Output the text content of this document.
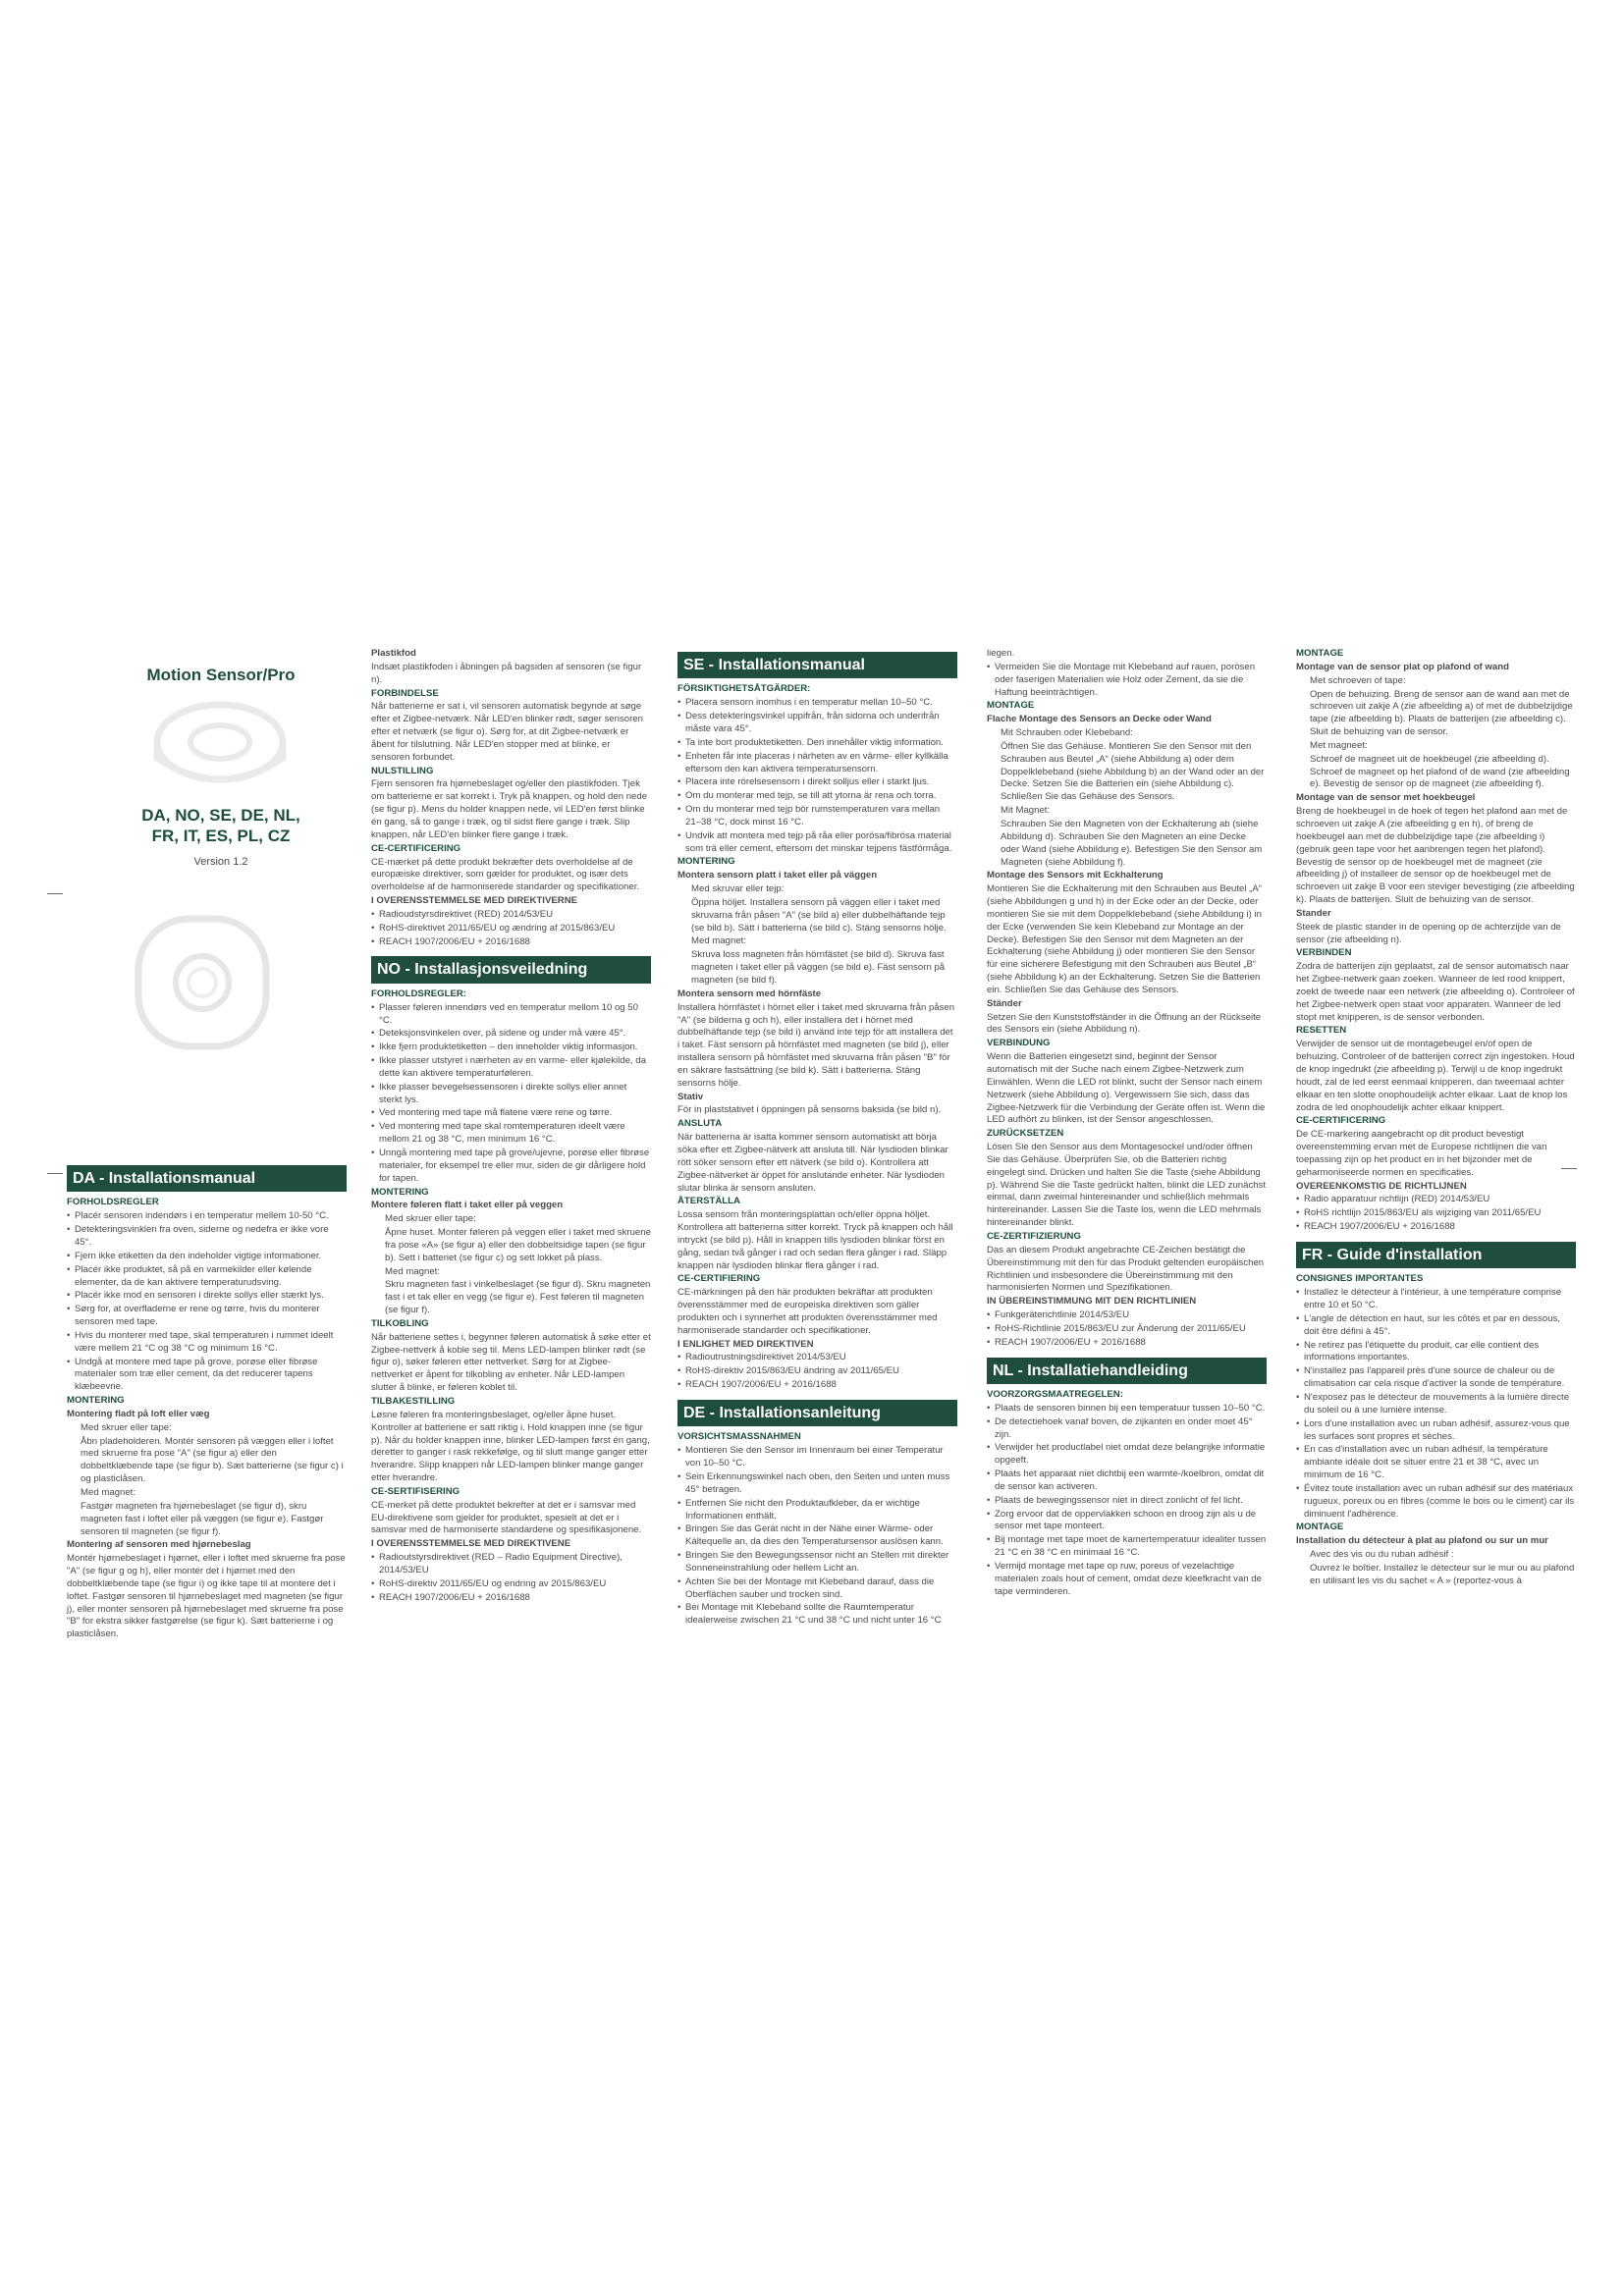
Motion Sensor/Pro
DA, NO, SE, DE, NL,
FR, IT, ES, PL, CZ
Version 1.2
DA - Installationsmanual

FORHOLDSREGLER

• Placér sensoren indendørs i en temperatur mellem 10-50 °C.

• Detekteringsvinklen fra oven, siderne og nedefra er ikke vore 45°.

• Fjern ikke etiketten da den indeholder vigtige informationer.

• Placér ikke produktet, så på en varmekilder eller kølende elementer, da de kan aktivere temperaturudsving.

• Placér ikke mod en sensoren i direkte sollys eller stærkt lys.

• Sørg for, at overfladerne er rene og tørre, hvis du monterer sensoren med tape.

• Hvis du monterer med tape, skal temperaturen i rummet ideelt være mellem 21 °C og 38 °C og minimum 16 °C.

• Undgå at montere med tape på grove, porøse eller fibrøse materialer som træ eller cement, da det reducerer tapens klæbeevne.

MONTERING

Montering fladt på loft eller væg

Med skruer eller tape:

Åbn pladeholderen. Montér sensoren på væggen eller i loftet med skruerne fra pose "A" (se figur a) eller den dobbeltklæbende tape (se figur b). Sæt batterierne (se figur c) i og plasticlåsen.

Med magnet:

Fastgør magneten fra hjørnebeslaget (se figur d), skru magneten fast i loftet eller på væggen (se figur e). Fastgør sensoren til magneten (se figur f).

Montering af sensoren med hjørnebeslag

Montér hjørnebeslaget i hjørnet, eller i loftet med skruerne fra pose "A" (se figur g og h), eller montér det i hjørnet med den dobbeltklæbende tape (se figur i) og ikke tape til at montere det i loftet. Fastgør sensoren til hjørnebeslaget med magneten (se figur j), eller monter sensoren på hjørnebeslaget med skruerne fra pose "B" for ekstra sikker fastgørelse (se figur k). Sæt batterierne i og plasticlåsen.

Plastikfod

Indsæt plastikfoden i åbningen på bagsiden af sensoren (se figur n).

FORBINDELSE

Når batterierne er sat i, vil sensoren automatisk begynde at søge efter et Zigbee-netværk. Når LED'en blinker rødt, søger sensoren efter et netværk (se figur o). Sørg for, at dit Zigbee-netværk er åbent for tilslutning. Når LED'en stopper med at blinke, er sensoren forbundet.

NULSTILLING

Fjern sensoren fra hjørnebeslaget og/eller den plastikfoden. Tjek om batterierne er sat korrekt i. Tryk på knappen, og hold den nede (se figur p). Mens du holder knappen nede, vil LED'en først blinke én gang, så to gange i træk, og til sidst flere gange i træk. Slip knappen, når LED'en blinker flere gange i træk.

CE-CERTIFICERING

CE-mærket på dette produkt bekræfter dets overholdelse af de europæiske direktiver, som gælder for produktet, og især dets overholdelse af de harmoniserede standarder og specifikationer.

I OVERENSSTEMMELSE MED DIREKTIVERNE

• Radioudstyrsdirektivet (RED) 2014/53/EU

• RoHS-direktivet 2011/65/EU og ændring af 2015/863/EU

• REACH 1907/2006/EU + 2016/1688

NO - Installasjonsveiledning

FORHOLDSREGLER:

• Plasser føleren innendørs ved en temperatur mellom 10 og 50 °C.

• Deteksjonsvinkelen over, på sidene og under må være 45°.

• Ikke fjern produktetiketten – den inneholder viktig informasjon.

• Ikke plasser utstyret i nærheten av en varme- eller kjølekilde, da dette kan aktivere temperaturføleren.

• Ikke plasser bevegelsessensoren i direkte sollys eller annet sterkt lys.

• Ved montering med tape må flatene være rene og tørre.

• Ved montering med tape skal romtemperaturen ideelt være mellom 21 og 38 °C, men minimum 16 °C.

• Unngå montering med tape på grove/ujevne, porøse eller fibrøse materialer, for eksempel tre eller mur, siden de gir dårligere hold for tapen.

MONTERING

Montere føleren flatt i taket eller på veggen

Med skruer eller tape:

Åpne huset. Monter føleren på veggen eller i taket med skruene fra pose «A» (se figur a) eller den dobbeltsidige tapen (se figur b). Sett i batteriet (se figur c) og sett lokket på plass.

Med magnet:

Skru magneten fast i vinkelbeslaget (se figur d). Skru magneten fast i et tak eller en vegg (se figur e). Fest føleren til magneten (se figur f).

TILKOBLING

Når batteriene settes i, begynner føleren automatisk å søke etter et Zigbee-nettverk å koble seg til. Mens LED-lampen blinker rødt (se figur o), søker føleren etter nettverket. Sørg for at Zigbee-nettverket er åpent for tilkobling av enheter. Når LED-lampen slutter å blinke, er føleren koblet til.

TILBAKESTILLING

Løsne føleren fra monteringsbeslaget, og/eller åpne huset. Kontroller at batteriene er satt riktig i. Hold knappen inne (se figur p). Når du holder knappen inne, blinker LED-lampen først én gang, deretter to ganger i rask rekkefølge, og til slutt mange ganger etter hverandre. Slipp knappen når LED-lampen blinker mange ganger etter hverandre.

CE-SERTIFISERING

CE-merket på dette produktet bekrefter at det er i samsvar med EU-direktivene som gjelder for produktet, spesielt at det er i samsvar med de harmoniserte standardene og spesifikasjonene.

I OVERENSSTEMMELSE MED DIREKTIVENE

• Radioutstyrsdirektivet (RED – Radio Equipment Directive), 2014/53/EU

• RoHS-direktiv 2011/65/EU og endring av 2015/863/EU

• REACH 1907/2006/EU + 2016/1688

SE - Installationsmanual

FÖRSIKTIGHETSÅTGÄRDER:

• Placera sensorn inomhus i en temperatur mellan 10–50 °C.

• Dess detekteringsvinkel uppifrån, från sidorna och underifrån måste vara 45°.

• Ta inte bort produktetiketten. Den innehåller viktig information.

• Enheten får inte placeras i närheten av en värme- eller kyllkälla eftersom den kan aktivera temperatursensorn.

• Placera inte rörelsesensorn i direkt solljus eller i starkt ljus.

• Om du monterar med tejp, se till att ytorna är rena och torra.

• Om du monterar med tejp bör rumstemperaturen vara mellan 21–38 °C, dock minst 16 °C.

• Undvik att montera med tejp på råa eller porösa/fibrösa material som trä eller cement, eftersom det minskar tejpens fästförmåga.

MONTERING

Montera sensorn platt i taket eller på väggen

Med skruvar eller tejp:

Öppna höljet. Installera sensorn på väggen eller i taket med skruvarna från påsen "A" (se bild a) eller dubbelhäftande tejp (se bild b). Sätt i batterierna (se bild c). Stäng sensorns hölje.

Med magnet:

Skruva loss magneten från hörnfästet (se bild d). Skruva fast magneten i taket eller på väggen (se bild e). Fäst sensorn på magneten (se bild f).

Montera sensorn med hörnfäste

Installera hörnfästet i hörnet eller i taket med skruvarna från påsen "A" (se bilderna g och h), eller installera det i hörnet med dubbelhäftande tejp (se bild i) använd inte tejp för att installera det i taket. Fäst sensorn på hörnfästet med magneten (se bild j), eller installera sensorn på hörnfästet med skruvarna från påsen "B" för en säkrare fastsättning (se bild k). Sätt i batterierna. Stäng sensorns hölje.

Stativ

För in plaststativet i öppningen på sensorns baksida (se bild n).

ANSLUTA

När batterierna är isatta kommer sensorn automatiskt att börja söka efter ett Zigbee-nätverk att ansluta till. När lysdioden blinkar rött söker sensorn efter ett nätverk (se bild o). Kontrollera att Zigbee-nätverket är öppet för anslutande enheter. När lysdioden slutar blinka är sensorn ansluten.

ÅTERSTÄLLA

Lossa sensorn från monteringsplattan och/eller öppna höljet. Kontrollera att batterierna sitter korrekt. Tryck på knappen och håll intryckt (se bild p). Håll in knappen tills lysdioden blinkar först en gång, sedan två gånger i rad och sedan flera gånger i rad. Släpp knappen när lysdioden blinkar flera gånger i rad.

CE-CERTIFIERING

CE-märkningen på den här produkten bekräftar att produkten överensstämmer med de europeiska direktiven som gäller produkten och i synnerhet att produkten överensstämmer med harmoniserade standarder och specifikationer.

I ENLIGHET MED DIREKTIVEN

• Radioutrustningsdirektivet 2014/53/EU

• RoHS-direktiv 2015/863/EU ändring av 2011/65/EU

• REACH 1907/2006/EU + 2016/1688

DE - Installationsanleitung

VORSICHTSMASSNAHMEN

• Montieren Sie den Sensor im Innenraum bei einer Temperatur von 10–50 °C.

• Sein Erkennungswinkel nach oben, den Seiten und unten muss 45° betragen.

• Entfernen Sie nicht den Produktaufkleber, da er wichtige Informationen enthält.

• Bringen Sie das Gerät nicht in der Nähe einer Wärme- oder Kältequelle an, da dies den Temperatursensor auslösen kann.

• Bringen Sie den Bewegungssensor nicht an Stellen mit direkter Sonneneinstrahlung oder hellem Licht an.

• Achten Sie bei der Montage mit Klebeband darauf, dass die Oberflächen sauber und trocken sind.

• Bei Montage mit Klebeband sollte die Raumtemperatur idealerweise zwischen 21 °C und 38 °C und nicht unter 16 °C

liegen.

• Vermeiden Sie die Montage mit Klebeband auf rauen, porösen oder faserigen Materialien wie Holz oder Zement, da sie die Haftung beeinträchtigen.

MONTAGE

Flache Montage des Sensors an Decke oder Wand

Mit Schrauben oder Klebeband:

Öffnen Sie das Gehäuse. Montieren Sie den Sensor mit den Schrauben aus Beutel „A“ (siehe Abbildung a) oder dem Doppelklebeband (siehe Abbildung b) an der Wand oder an der Decke. Setzen Sie die Batterien ein (siehe Abbildung c). Schließen Sie das Gehäuse des Sensors.

Mit Magnet:

Schrauben Sie den Magneten von der Eckhalterung ab (siehe Abbildung d). Schrauben Sie den Magneten an eine Decke oder Wand (siehe Abbildung e). Befestigen Sie den Sensor am Magneten (siehe Abbildung f).

Montage des Sensors mit Eckhalterung

Montieren Sie die Eckhalterung mit den Schrauben aus Beutel „A“ (siehe Abbildungen g und h) in der Ecke oder an der Decke, oder montieren Sie sie mit dem Doppelklebeband (siehe Abbildung i) in der Ecke (verwenden Sie kein Klebeband zur Montage an der Decke). Befestigen Sie den Sensor mit dem Magneten an der Eckhalterung (siehe Abbildung j) oder montieren Sie den Sensor für eine sicherere Befestigung mit den Schrauben aus Beutel „B“ (siehe Abbildung k) an der Eckhalterung. Setzen Sie die Batterien ein. Schließen Sie das Gehäuse des Sensors.

Ständer

Setzen Sie den Kunststoffständer in die Öffnung an der Rückseite des Sensors ein (siehe Abbildung n).

VERBINDUNG

Wenn die Batterien eingesetzt sind, beginnt der Sensor automatisch mit der Suche nach einem Zigbee-Netzwerk zum Einwählen. Wenn die LED rot blinkt, sucht der Sensor nach einem Netzwerk (siehe Abbildung o). Vergewissern Sie sich, dass das Zigbee-Netzwerk für die Verbindung der Geräte offen ist. Wenn die LED aufhört zu blinken, ist der Sensor angeschlossen.

ZURÜCKSETZEN

Lösen Sie den Sensor aus dem Montagesockel und/oder öffnen Sie das Gehäuse. Überprüfen Sie, ob die Batterien richtig eingelegt sind. Drücken und halten Sie die Taste (siehe Abbildung p). Während Sie die Taste gedrückt halten, blinkt die LED zunächst einmal, dann zweimal hintereinander und schließlich mehrmals hintereinander. Lassen Sie die Taste los, wenn die LED mehrmals hintereinander blinkt.

CE-ZERTIFIZIERUNG

Das an diesem Produkt angebrachte CE-Zeichen bestätigt die Übereinstimmung mit den für das Produkt geltenden europäischen Richtlinien und insbesondere die Übereinstimmung mit den harmonisierten Normen und Spezifikationen.

IN ÜBEREINSTIMMUNG MIT DEN RICHTLINIEN

• Funkgeräterichtlinie 2014/53/EU

• RoHS-Richtlinie 2015/863/EU zur Änderung der 2011/65/EU

• REACH 1907/2006/EU + 2016/1688

NL - Installatiehandleiding

VOORZORGSMAATREGELEN:

• Plaats de sensoren binnen bij een temperatuur tussen 10–50 °C.

• De detectiehoek vanaf boven, de zijkanten en onder moet 45° zijn.

• Verwijder het productlabel niet omdat deze belangrijke informatie opgeeft.

• Plaats het apparaat niet dichtbij een warmte-/koelbron, omdat dit de sensor kan activeren.

• Plaats de bewegingssensor niet in direct zonlicht of fel licht.

• Zorg ervoor dat de oppervlakken schoon en droog zijn als u de sensor met tape monteert.

• Bij montage met tape moet de kamertemperatuur idealiter tussen 21 °C en 38 °C en minimaal 16 °C.

• Vermijd montage met tape op ruw, poreus of vezelachtige materialen zoals hout of cement, omdat deze kleefkracht van de tape verminderen.

MONTAGE

Montage van de sensor plat op plafond of wand

Met schroeven of tape:

Open de behuizing. Breng de sensor aan de wand aan met de schroeven uit zakje A (zie afbeelding a) of met de dubbelzijdige tape (zie afbeelding b). Plaats de batterijen (zie afbeelding c). Sluit de behuizing van de sensor.

Met magneet:

Schroef de magneet uit de hoekbeugel (zie afbeelding d). Schroef de magneet op het plafond of de wand (zie afbeelding e). Bevestig de sensor op de magneet (zie afbeelding f).

Montage van de sensor met hoekbeugel

Breng de hoekbeugel in de hoek of tegen het plafond aan met de schroeven uit zakje A (zie afbeelding g en h), of breng de hoekbeugel aan met de dubbelzijdige tape (zie afbeelding i) (gebruik geen tape voor het aanbrengen tegen het plafond). Bevestig de sensor op de hoekbeugel met de magneet (zie afbeelding j) of installeer de sensor op de hoekbeugel met de schroeven uit zakje B voor een steviger bevestiging (zie afbeelding k). Plaats de batterijen. Sluit de behuizing van de sensor.

Stander

Steek de plastic stander in de opening op de achterzijde van de sensor (zie afbeelding n).

VERBINDEN

Zodra de batterijen zijn geplaatst, zal de sensor automatisch naar het Zigbee-netwerk gaan zoeken. Wanneer de led rood knippert, zoekt de tweede naar een netwerk (zie afbeelding o). Controleer of het Zigbee-netwerk open staat voor apparaten. Wanneer de led stopt met knipperen, is de sensor verbonden.

RESETTEN

Verwijder de sensor uit de montagebeugel en/of open de behuizing. Controleer of de batterijen correct zijn ingestoken. Houd de knop ingedrukt (zie afbeelding p). Terwijl u de knop ingedrukt houdt, zal de led eerst eenmaal knipperen, dan tweemaal achter elkaar en ten slotte onophoudelijk achter elkaar. Laat de knop los zodra de led onophoudelijk achter elkaar knippert.

CE-CERTIFICERING

De CE-markering aangebracht op dit product bevestigt overeenstemming ervan met de Europese richtlijnen die van toepassing zijn op het product en in het bijzonder met de geharmoniseerde normen en specificaties.

OVEREENKOMSTIG DE RICHTLIJNEN

• Radio apparatuur richtlijn (RED) 2014/53/EU

• RoHS richtlijn 2015/863/EU als wijziging van 2011/65/EU

• REACH 1907/2006/EU + 2016/1688

FR - Guide d'installation

CONSIGNES IMPORTANTES

• Installez le détecteur à l'intérieur, à une température comprise entre 10 et 50 °C.

• L'angle de détection en haut, sur les côtés et par en dessous, doit être défini à 45°.

• Ne retirez pas l'étiquette du produit, car elle contient des informations importantes.

• N'installez pas l'appareil près d'une source de chaleur ou de climatisation car cela risque d'activer la sonde de température.

• N'exposez pas le détecteur de mouvements à la lumière directe du soleil ou à une lumière intense.

• Lors d'une installation avec un ruban adhésif, assurez-vous que les surfaces sont propres et sèches.

• En cas d'installation avec un ruban adhésif, la température ambiante idéale doit se situer entre 21 et 38 °C, avec un minimum de 16 °C.

• Évitez toute installation avec un ruban adhésif sur des matériaux rugueux, poreux ou en fibres (comme le bois ou le ciment) car ils diminuent l'adhérence.

MONTAGE

Installation du détecteur à plat au plafond ou sur un mur

Avec des vis ou du ruban adhésif :

Ouvrez le boîtier. Installez le détecteur sur le mur ou au plafond en utilisant les vis du sachet « A » (reportez-vous à
